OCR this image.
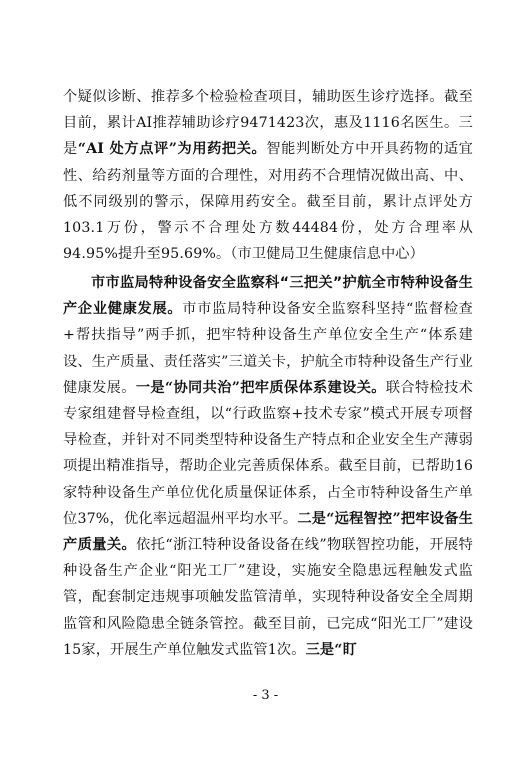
个疑似诊断、推荐多个检验检查项目，辅助医生诊疗选择。截至目前，累计AI推荐辅助诊疗9471423次，惠及1116名医生。三是“AI 处方点评”为用药把关。智能判断处方中开具药物的适宜性、给药剂量等方面的合理性，对用药不合理情况做出高、中、低不同级别的警示，保障用药安全。截至目前，累计点评处方103.1万份，警示不合理处方数44484份，处方合理率从94.95%提升至95.69%。（市卫健局卫生健康信息中心）

市市监局特种设备安全监察科“三把关”护航全市特种设备生产企业健康发展。市市监局特种设备安全监察科坚持“监督检查+帮扶指导”两手抓，把牢特种设备生产单位安全生产“体系建设、生产质量、责任落实”三道关卡，护航全市特种设备生产行业健康发展。一是“协同共治”把牢质保体系建设关。联合特检技术专家组建督导检查组，以“行政监察+技术专家”模式开展专项督导检查，并针对不同类型特种设备生产特点和企业安全生产薄弱项提出精准指导，帮助企业完善质保体系。截至目前，已帮助16家特种设备生产单位优化质量保证体系，占全市特种设备生产单位37%，优化率远超温州平均水平。二是“远程智控”把牢设备生产质量关。依托“浙江特种设备设备在线”物联智控功能，开展特种设备生产企业“阳光工厂”建设，实施安全隐患远程触发式监管，配套制定违规事项触发监管清单，实现特种设备安全全周期监管和风险隐患全链条管控。截至目前，已完成“阳光工厂”建设15家，开展生产单位触发式监管1次。三是“盯

- 3 -
